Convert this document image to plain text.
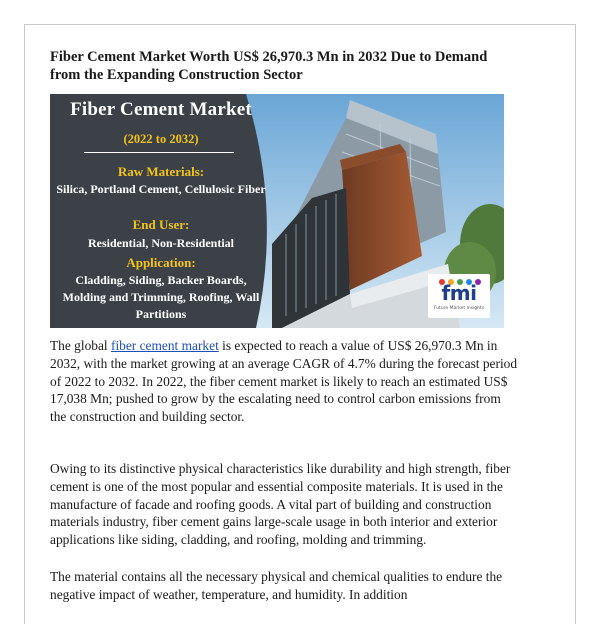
Fiber Cement Market Worth US$ 26,970.3 Mn in 2032 Due to Demand from the Expanding Construction Sector
Fiber Cement Market
(2022 to 2032)
Raw Materials:
Silica, Portland Cement, Cellulosic Fiber
End User:
Residential, Non-Residential
Application:
Cladding, Siding, Backer Boards, Molding and Trimming, Roofing, Wall Partitions
fmi
Future Market Insights

The global fiber cement market is expected to reach a value of US$ 26,970.3 Mn in 2032, with the market growing at an average CAGR of 4.7% during the forecast period of 2022 to 2032. In 2022, the fiber cement market is likely to reach an estimated US$ 17,038 Mn; pushed to grow by the escalating need to control carbon emissions from the construction and building sector.

Owing to its distinctive physical characteristics like durability and high strength, fiber cement is one of the most popular and essential composite materials. It is used in the manufacture of facade and roofing goods. A vital part of building and construction materials industry, fiber cement gains large-scale usage in both interior and exterior applications like siding, cladding, and roofing, molding and trimming.

The material contains all the necessary physical and chemical qualities to endure the negative impact of weather, temperature, and humidity. In addition
